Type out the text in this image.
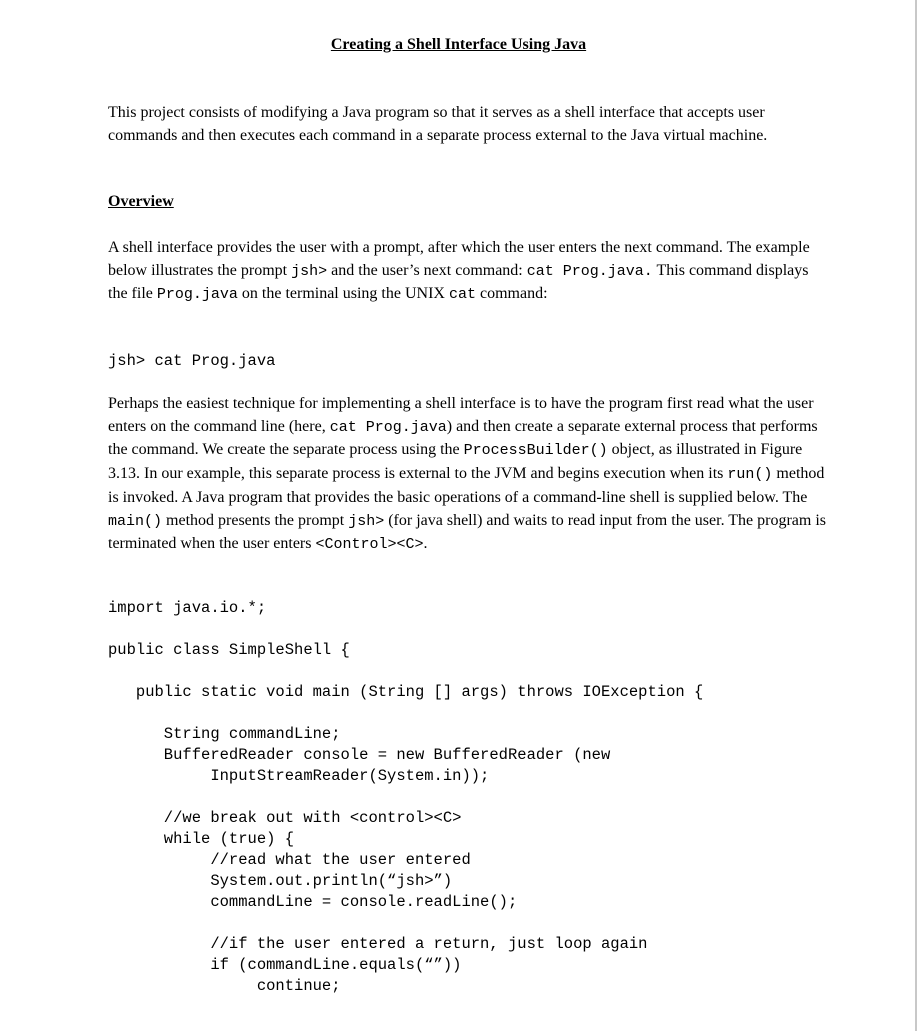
Creating a Shell Interface Using Java
This project consists of modifying a Java program so that it serves as a shell interface that accepts user commands and then executes each command in a separate process external to the Java virtual machine.
Overview
A shell interface provides the user with a prompt, after which the user enters the next command. The example below illustrates the prompt jsh> and the user’s next command: cat Prog.java. This command displays the file Prog.java on the terminal using the UNIX cat command:
jsh> cat Prog.java
Perhaps the easiest technique for implementing a shell interface is to have the program first read what the user enters on the command line (here, cat Prog.java) and then create a separate external process that performs the command. We create the separate process using the ProcessBuilder() object, as illustrated in Figure 3.13. In our example, this separate process is external to the JVM and begins execution when its run() method is invoked. A Java program that provides the basic operations of a command-line shell is supplied below. The main() method presents the prompt jsh> (for java shell) and waits to read input from the user. The program is terminated when the user enters <Control><C>.
import java.io.*;
public class SimpleShell {
public static void main (String [] args) throws IOException {
String commandLine;
BufferedReader console = new BufferedReader (new
InputStreamReader(System.in));

//we break out with <control><C>
while (true) {
//read what the user entered
System.out.println(“jsh>”)
commandLine = console.readLine();

//if the user entered a return, just loop again
if (commandLine.equals(“”))
continue;
